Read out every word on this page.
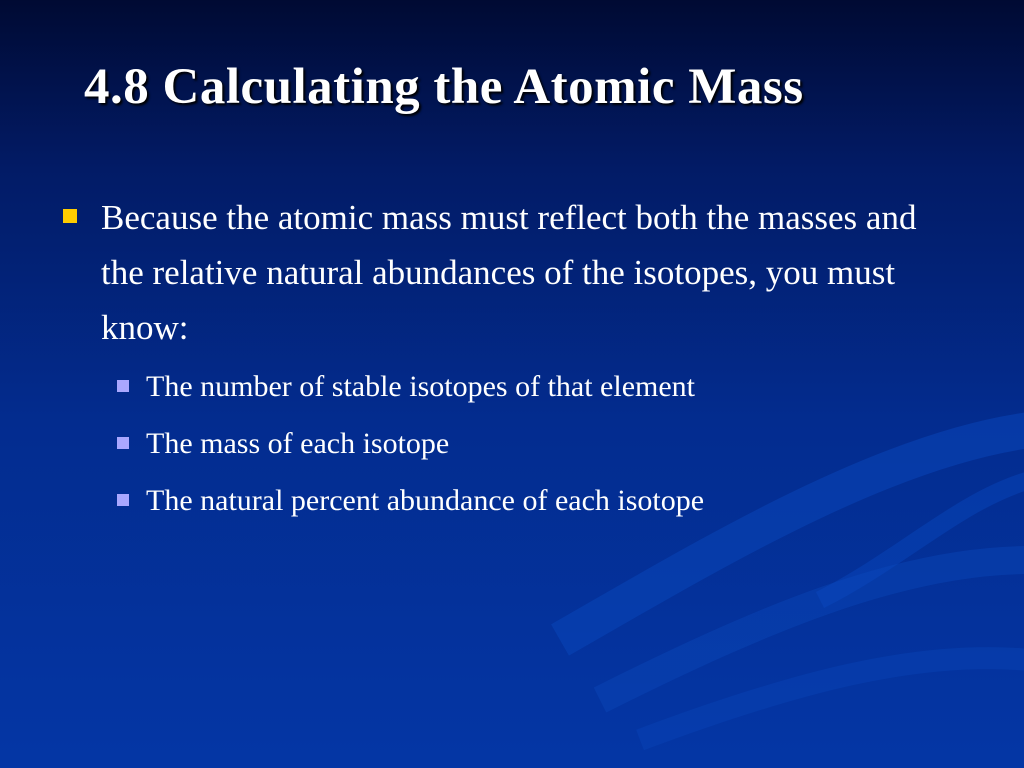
4.8 Calculating the Atomic Mass
Because the atomic mass must reflect both the masses and the relative natural abundances of the isotopes, you must know:
The number of stable isotopes of that element
The mass of each isotope
The natural percent abundance of each isotope
